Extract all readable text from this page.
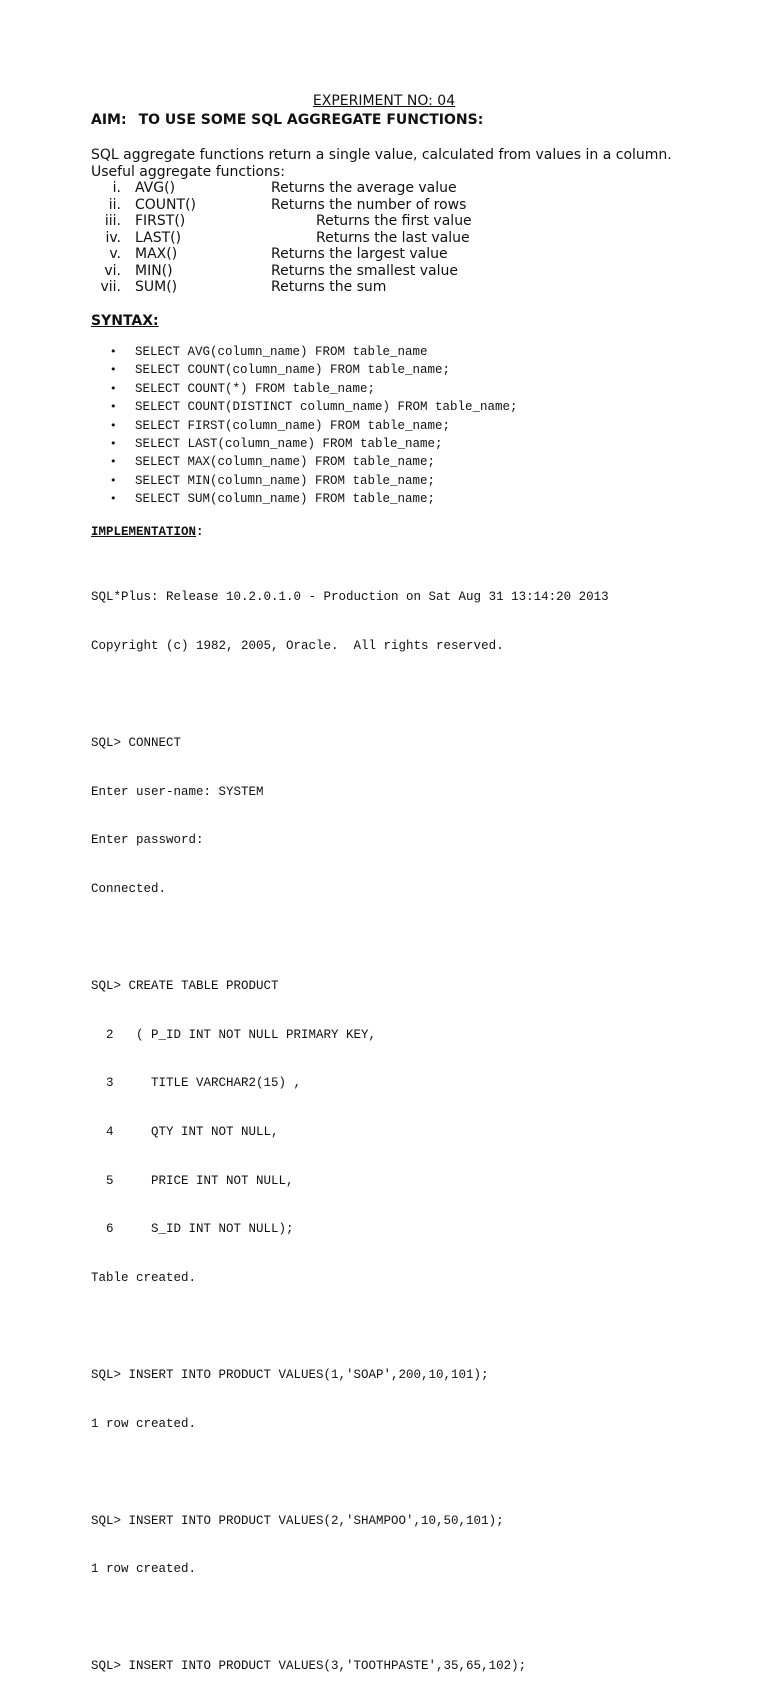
EXPERIMENT NO: 04
AIM: TO USE SOME SQL AGGREGATE FUNCTIONS:
SQL aggregate functions return a single value, calculated from values in a column.
Useful aggregate functions:
i. AVG()	Returns the average value
ii. COUNT()	Returns the number of rows
iii. FIRST()	Returns the first value
iv. LAST()	Returns the last value
v. MAX()	Returns the largest value
vi. MIN()	Returns the smallest value
vii. SUM()	Returns the sum
SYNTAX:
• SELECT AVG(column_name) FROM table_name
• SELECT COUNT(column_name) FROM table_name;
• SELECT COUNT(*) FROM table_name;
• SELECT COUNT(DISTINCT column_name) FROM table_name;
• SELECT FIRST(column_name) FROM table_name;
• SELECT LAST(column_name) FROM table_name;
• SELECT MAX(column_name) FROM table_name;
• SELECT MIN(column_name) FROM table_name;
• SELECT SUM(column_name) FROM table_name;
IMPLEMENTATION:

SQL*Plus: Release 10.2.0.1.0 - Production on Sat Aug 31 13:14:20 2013

Copyright (c) 1982, 2005, Oracle.  All rights reserved.

SQL> CONNECT

Enter user-name: SYSTEM

Enter password:

Connected.

SQL> CREATE TABLE PRODUCT

2   ( P_ID INT NOT NULL PRIMARY KEY,

3     TITLE VARCHAR2(15) ,

4     QTY INT NOT NULL,

5     PRICE INT NOT NULL,

6     S_ID INT NOT NULL);

Table created.

SQL> INSERT INTO PRODUCT VALUES(1,'SOAP',200,10,101);

1 row created.

SQL> INSERT INTO PRODUCT VALUES(2,'SHAMPOO',10,50,101);

1 row created.

SQL> INSERT INTO PRODUCT VALUES(3,'TOOTHPASTE',35,65,102);
